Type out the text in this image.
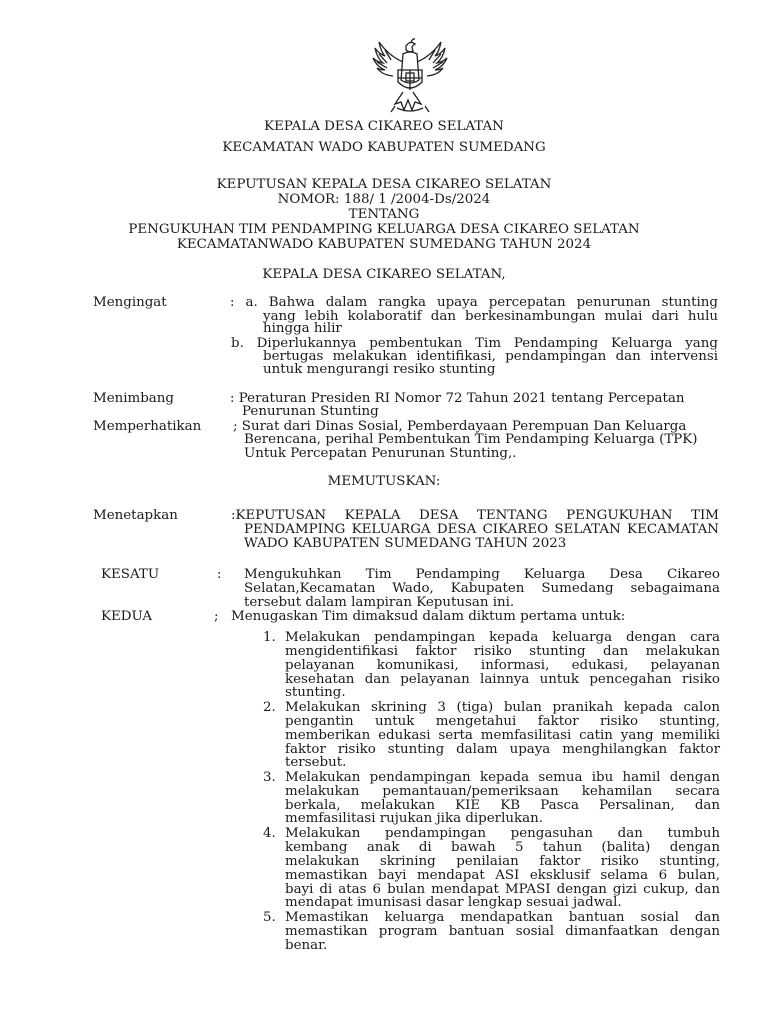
KEPALA DESA CIKAREO SELATAN
KECAMATAN WADO KABUPATEN SUMEDANG
KEPUTUSAN KEPALA DESA CIKAREO SELATAN
NOMOR: 188/ 1 /2004-Ds/2024
TENTANG
PENGUKUHAN TIM PENDAMPING KELUARGA DESA CIKAREO SELATAN
KECAMATANWADO KABUPATEN SUMEDANG TAHUN 2024
KEPALA DESA CIKAREO SELATAN,
Mengingat	: a. Bahwa dalam rangka upaya percepatan penurunan stunting
yang lebih kolaboratif dan berkesinambungan mulai dari hulu
hingga hilir
b. Diperlukannya pembentukan Tim Pendamping Keluarga yang
bertugas melakukan identifikasi, pendampingan dan intervensi
untuk mengurangi resiko stunting
Menimbang	: Peraturan Presiden RI Nomor 72 Tahun 2021 tentang Percepatan
Penurunan Stunting
Memperhatikan ; Surat dari Dinas Sosial, Pemberdayaan Perempuan Dan Keluarga
Berencana, perihal Pembentukan Tim Pendamping Keluarga (TPK)
Untuk Percepatan Penurunan Stunting,.
MEMUTUSKAN:
Menetapkan	:KEPUTUSAN KEPALA DESA TENTANG PENGUKUHAN TIM
PENDAMPING KELUARGA DESA CIKAREO SELATAN KECAMATAN
WADO KABUPATEN SUMEDANG TAHUN 2023
KESATU	: Mengukuhkan Tim Pendamping Keluarga Desa Cikareo
Selatan,Kecamatan Wado, Kabupaten Sumedang sebagaimana
tersebut dalam lampiran Keputusan ini.
KEDUA	; Menugaskan Tim dimaksud dalam diktum pertama untuk:
1. Melakukan pendampingan kepada keluarga dengan cara
mengidentifikasi faktor risiko stunting dan melakukan
pelayanan komunikasi, informasi, edukasi, pelayanan
kesehatan dan pelayanan lainnya untuk pencegahan risiko
stunting.
2. Melakukan skrining 3 (tiga) bulan pranikah kepada calon
pengantin untuk mengetahui faktor risiko stunting,
memberikan edukasi serta memfasilitasi catin yang memiliki
faktor risiko stunting dalam upaya menghilangkan faktor
tersebut.
3. Melakukan pendampingan kepada semua ibu hamil dengan
melakukan pemantauan/pemeriksaan kehamilan secara
berkala, melakukan KIE KB Pasca Persalinan, dan
memfasilitasi rujukan jika diperlukan.
4. Melakukan pendampingan pengasuhan dan tumbuh
kembang anak di bawah 5 tahun (balita) dengan
melakukan skrining penilaian faktor risiko stunting,
memastikan bayi mendapat ASI eksklusif selama 6 bulan,
bayi di atas 6 bulan mendapat MPASI dengan gizi cukup, dan
mendapat imunisasi dasar lengkap sesuai jadwal.
5. Memastikan keluarga mendapatkan bantuan sosial dan
memastikan program bantuan sosial dimanfaatkan dengan
benar.
